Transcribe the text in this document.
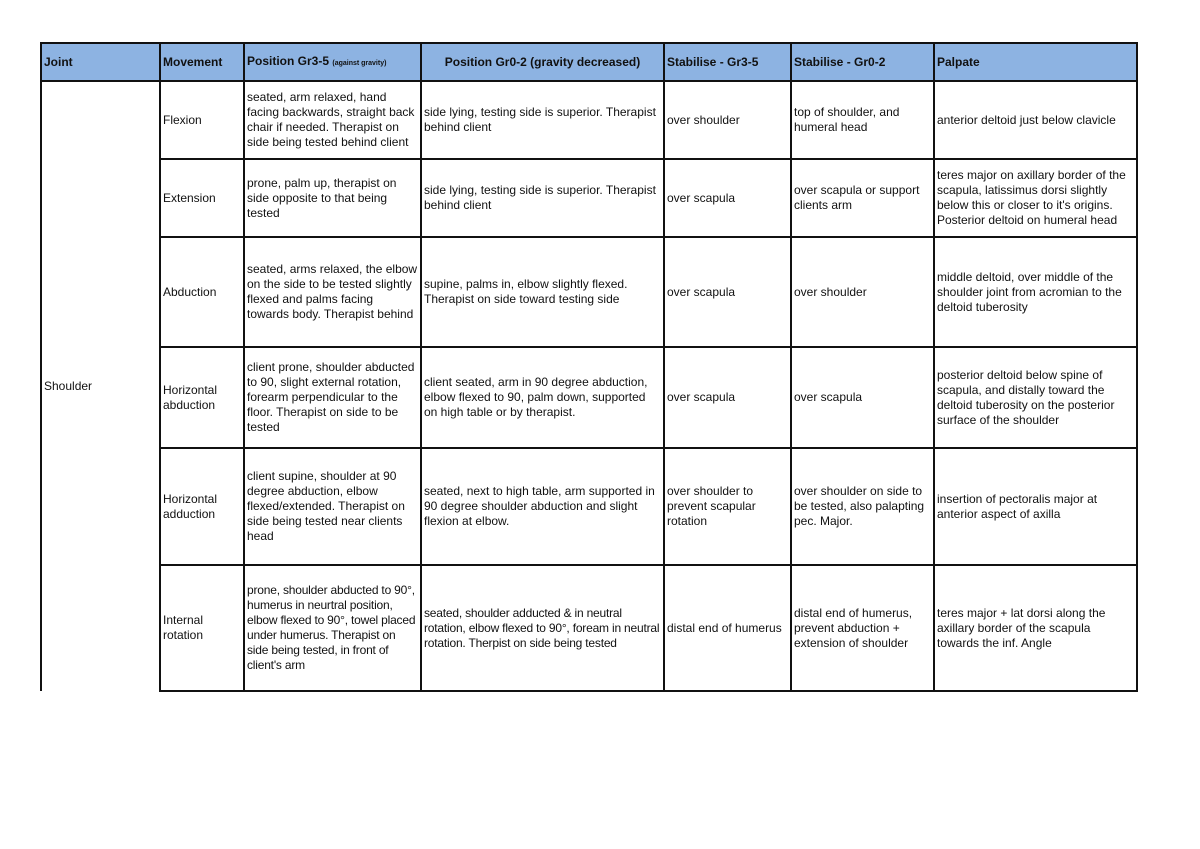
Joint	Movement	Position Gr3-5 (against gravity)	Position Gr0-2 (gravity decreased)	Stabilise - Gr3-5	Stabilise - Gr0-2	Palpate
Shoulder	Flexion	seated, arm relaxed, hand facing backwards, straight back chair if needed. Therapist on side being tested behind client	side lying, testing side is superior. Therapist behind client	over shoulder	top of shoulder, and humeral head	anterior deltoid just below clavicle
	Extension	prone, palm up, therapist on side opposite to that being tested	side lying, testing side is superior. Therapist behind client	over scapula	over scapula or support clients arm	teres major on axillary border of the scapula, latissimus dorsi slightly below this or closer to it's origins. Posterior deltoid on humeral head
	Abduction	seated, arms relaxed, the elbow on the side to be tested slightly flexed and palms facing towards body. Therapist behind	supine, palms in, elbow slightly flexed. Therapist on side toward testing side	over scapula	over shoulder	middle deltoid, over middle of the shoulder joint from acromian to the deltoid tuberosity
	Horizontal abduction	client prone, shoulder abducted to 90, slight external rotation, forearm perpendicular to the floor. Therapist on side to be tested	client seated, arm in 90 degree abduction, elbow flexed to 90, palm down, supported on high table or by therapist.	over scapula	over scapula	posterior deltoid below spine of scapula, and distally toward the deltoid tuberosity on the posterior surface of the shoulder
	Horizontal adduction	client supine, shoulder at 90 degree abduction, elbow flexed/extended. Therapist on side being tested near clients head	seated, next to high table, arm supported in 90 degree shoulder abduction and slight flexion at elbow.	over shoulder to prevent scapular rotation	over shoulder on side to be tested, also palapting pec. Major.	insertion of pectoralis major at anterior aspect of axilla
	Internal rotation	prone, shoulder abducted to 90°, humerus in neurtral position, elbow flexed to 90°, towel placed under humerus. Therapist on side being tested, in front of client's arm	seated, shoulder adducted & in neutral rotation, elbow flexed to 90°, foream in neutral rotation. Therpist on side being tested	distal end of humerus	distal end of humerus, prevent abduction + extension of shoulder	teres major + lat dorsi along the axillary border of the scapula towards the inf. Angle
